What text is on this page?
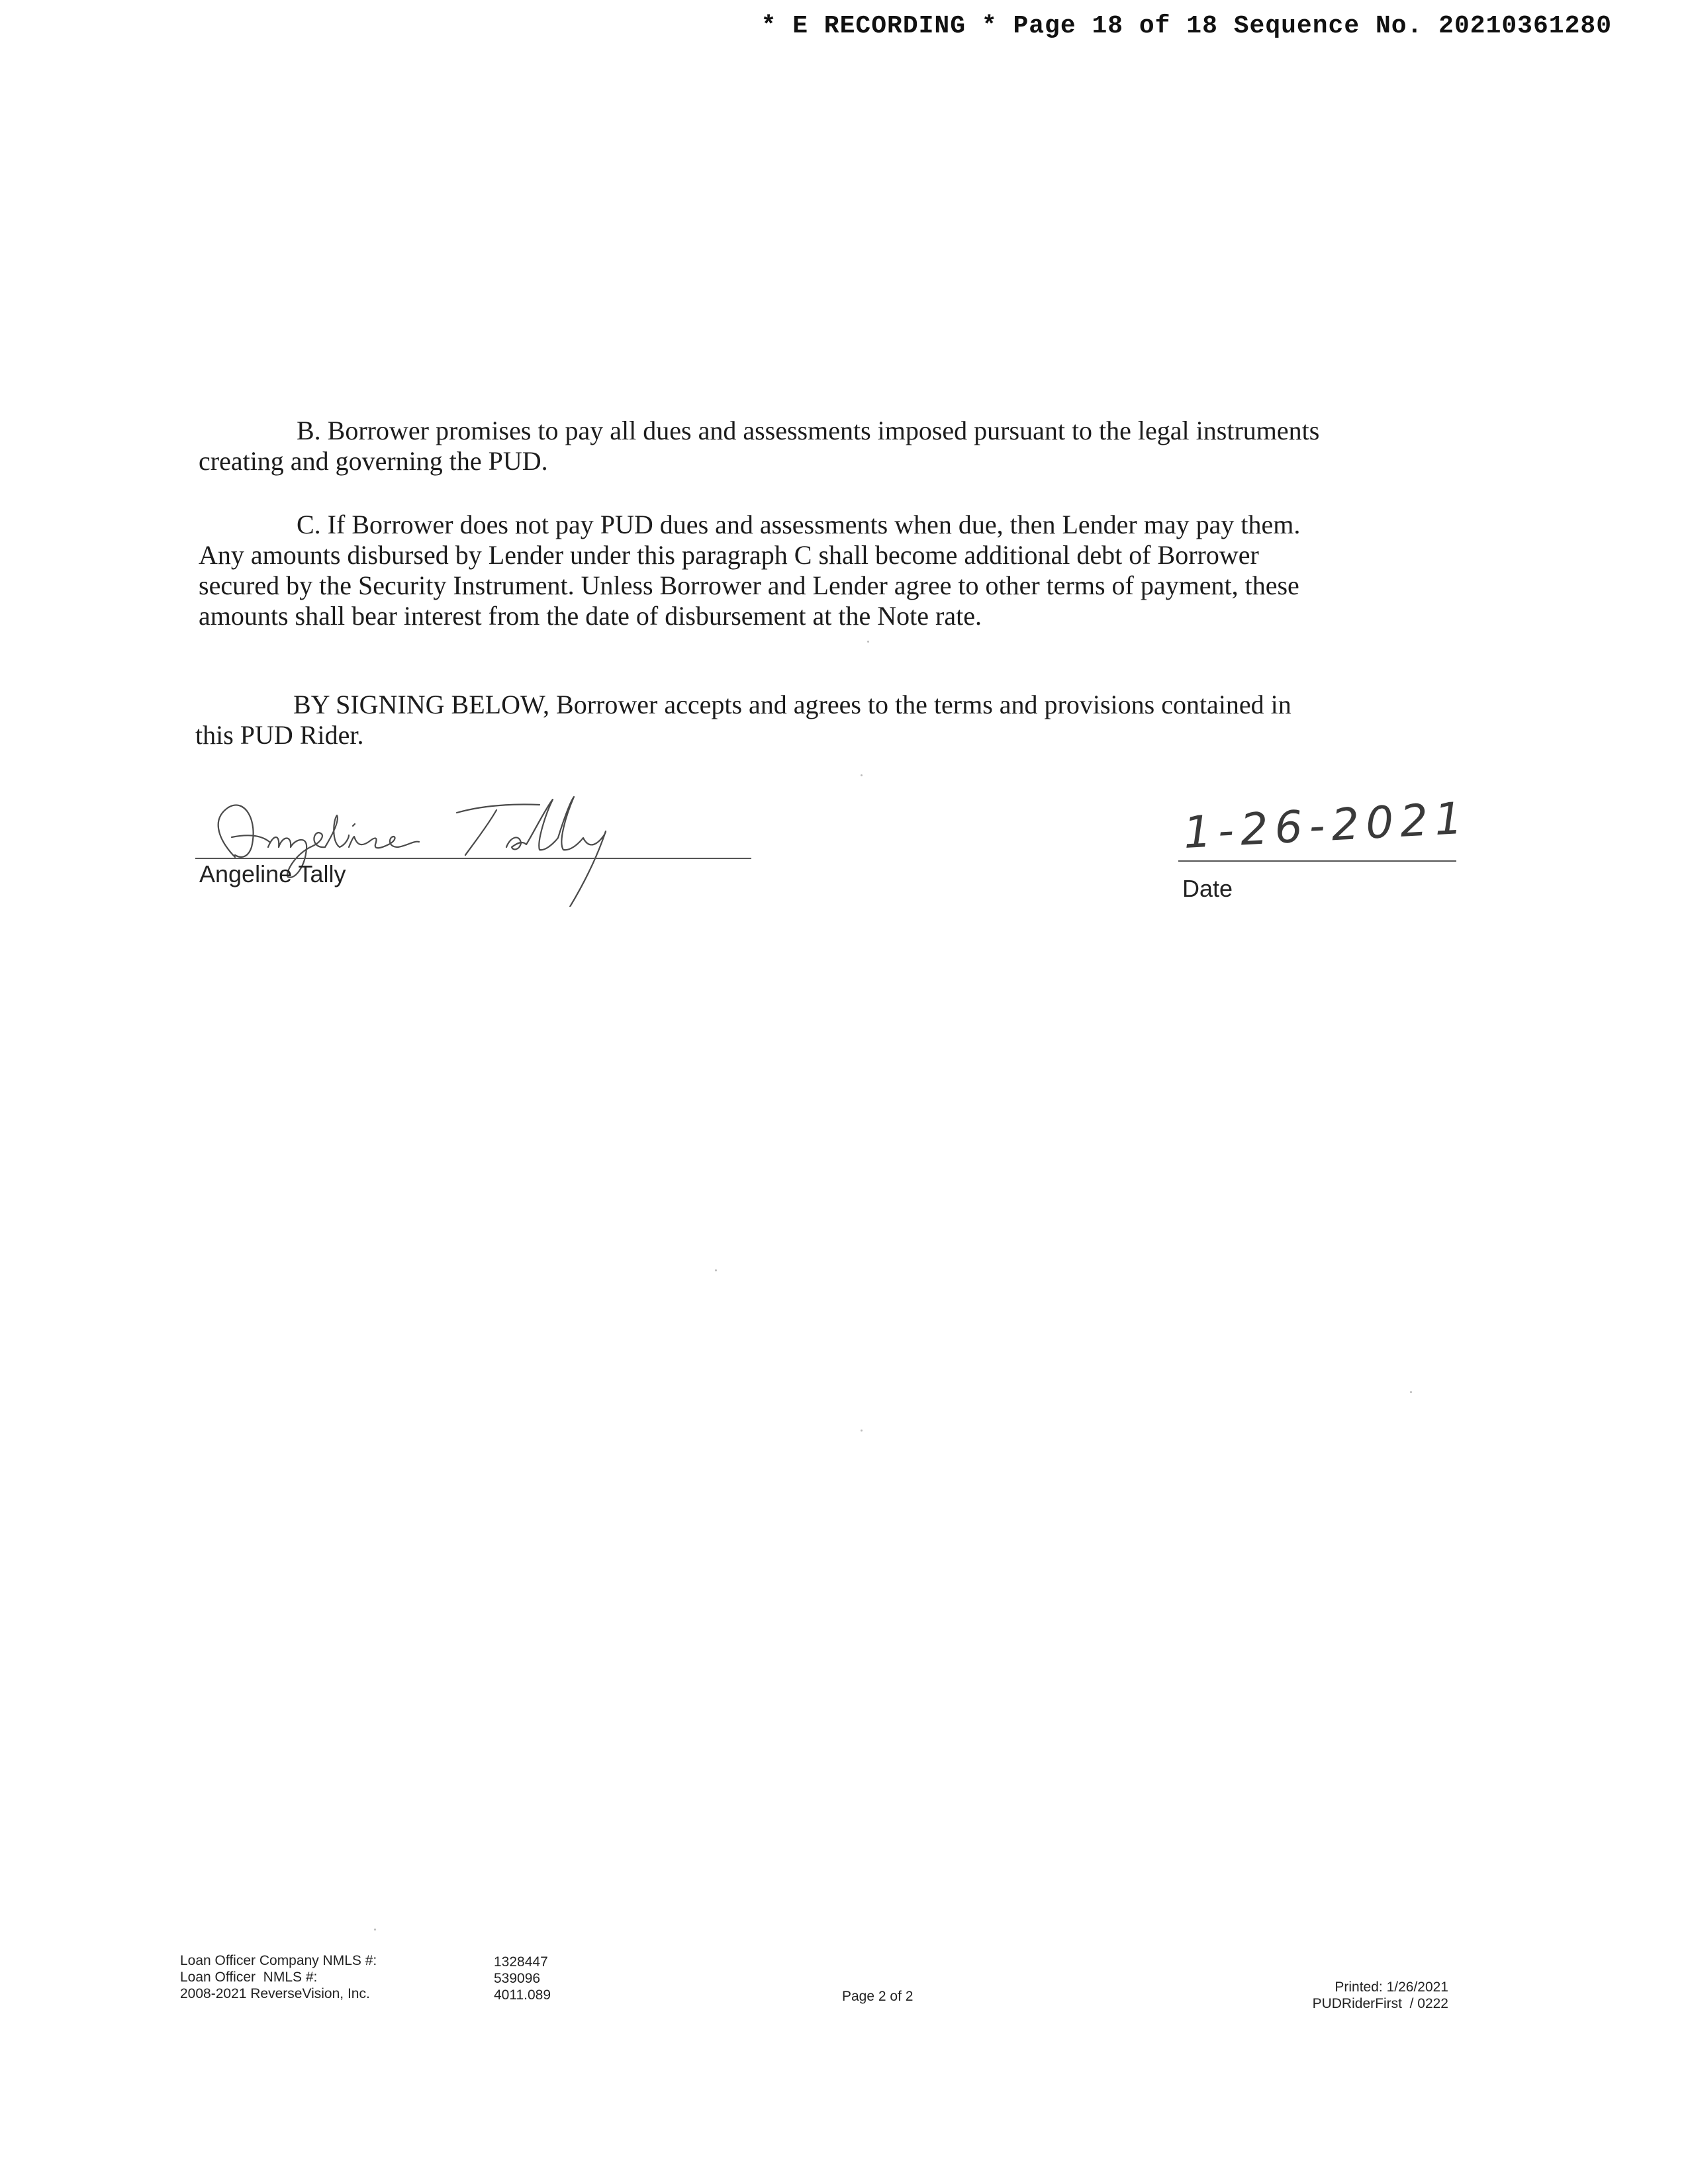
* E RECORDING * Page 18 of 18 Sequence No. 20210361280

B. Borrower promises to pay all dues and assessments imposed pursuant to the legal instruments creating and governing the PUD.

C. If Borrower does not pay PUD dues and assessments when due, then Lender may pay them. Any amounts disbursed by Lender under this paragraph C shall become additional debt of Borrower secured by the Security Instrument. Unless Borrower and Lender agree to other terms of payment, these amounts shall bear interest from the date of disbursement at the Note rate.

BY SIGNING BELOW, Borrower accepts and agrees to the terms and provisions contained in this PUD Rider.

Angeline Tally
1-26-2021
Date
Loan Officer Company NMLS #:
Loan Officer  NMLS #:
2008-2021 ReverseVision, Inc.
1328447
539096
4011.089	Page 2 of 2
Printed: 1/26/2021
PUDRiderFirst  / 0222
